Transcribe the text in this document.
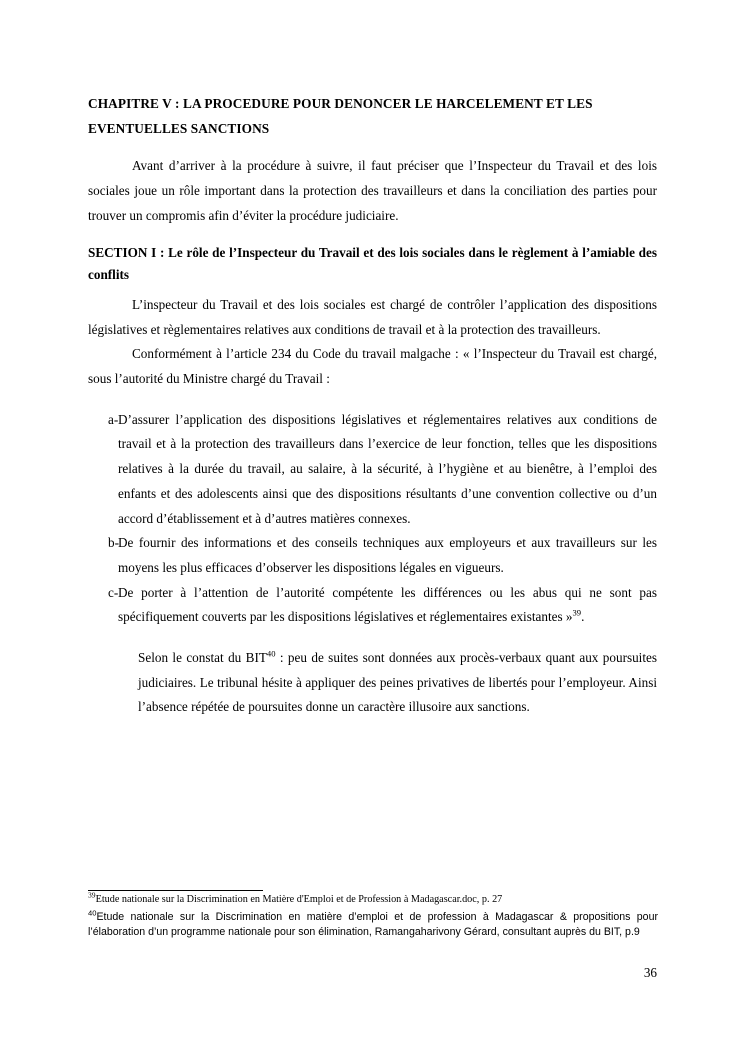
CHAPITRE V : LA PROCEDURE POUR DENONCER LE HARCELEMENT ET LES EVENTUELLES SANCTIONS

Avant d’arriver à la procédure à suivre, il faut préciser que l’Inspecteur du Travail et des lois sociales joue un rôle important dans la protection des travailleurs et dans la conciliation des parties pour trouver un compromis afin d’éviter la procédure judiciaire.

SECTION I : Le rôle de l’Inspecteur du Travail et des lois sociales dans le règlement à l’amiable des conflits

L’inspecteur du Travail et des lois sociales est chargé de contrôler l’application des dispositions législatives et règlementaires relatives aux conditions de travail et à la protection des travailleurs.

Conformément à l’article 234 du Code du travail malgache : « l’Inspecteur du Travail est chargé, sous l’autorité du Ministre chargé du Travail :

a- D’assurer l’application des dispositions législatives et réglementaires relatives aux conditions de travail et à la protection des travailleurs dans l’exercice de leur fonction, telles que les dispositions relatives à la durée du travail, au salaire, à la sécurité, à l’hygiène et au bienêtre, à l’emploi des enfants et des adolescents ainsi que des dispositions résultants d’une convention collective ou d’un accord d’établissement et à d’autres matières connexes.
b- De fournir des informations et des conseils techniques aux employeurs et aux travailleurs sur les moyens les plus efficaces d’observer les dispositions légales en vigueurs.
c- De porter à l’attention de l’autorité compétente les différences ou les abus qui ne sont pas spécifiquement couverts par les dispositions législatives et réglementaires existantes »$^{39}$.

Selon le constat du BIT$^{40}$ : peu de suites sont données aux procès-verbaux quant aux poursuites judiciaires. Le tribunal hésite à appliquer des peines privatives de libertés pour l’employeur. Ainsi l’absence répétée de poursuites donne un caractère illusoire aux sanctions.

$^{39}$Etude nationale sur la Discrimination en Matière d'Emploi et de Profession à Madagascar.doc, p. 27

$^{40}$Etude nationale sur la Discrimination en matière d’emploi et de profession à Madagascar & propositions pour l’élaboration d’un programme nationale pour son élimination, Ramangaharivony Gérard, consultant auprès du BIT, p.9

36
